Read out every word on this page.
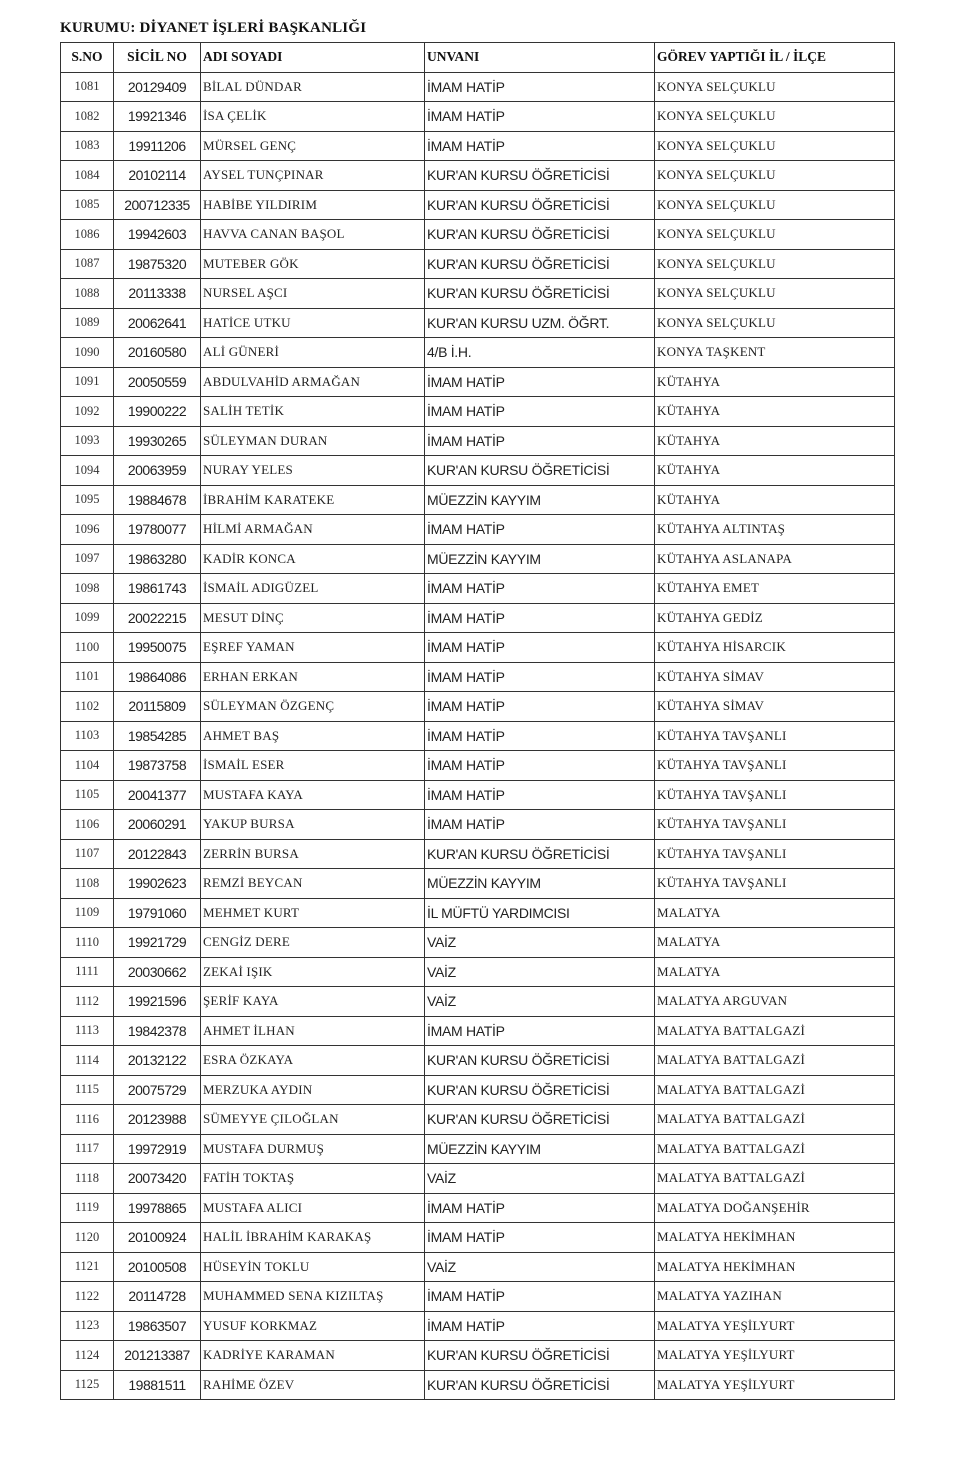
KURUMU: DİYANET İŞLERİ BAŞKANLIĞI
S.NO	SİCİL NO	ADI SOYADI	UNVANI	GÖREV YAPTIĞI İL / İLÇE
1081	20129409	BİLAL DÜNDAR	İMAM HATİP	KONYA SELÇUKLU
1082	19921346	İSA ÇELİK	İMAM HATİP	KONYA SELÇUKLU
1083	19911206	MÜRSEL GENÇ	İMAM HATİP	KONYA SELÇUKLU
1084	20102114	AYSEL TUNÇPINAR	KUR'AN KURSU ÖĞRETİCİSİ	KONYA SELÇUKLU
1085	200712335	HABİBE YILDIRIM	KUR'AN KURSU ÖĞRETİCİSİ	KONYA SELÇUKLU
1086	19942603	HAVVA CANAN BAŞOL	KUR'AN KURSU ÖĞRETİCİSİ	KONYA SELÇUKLU
1087	19875320	MUTEBER GÖK	KUR'AN KURSU ÖĞRETİCİSİ	KONYA SELÇUKLU
1088	20113338	NURSEL AŞCI	KUR'AN KURSU ÖĞRETİCİSİ	KONYA SELÇUKLU
1089	20062641	HATİCE UTKU	KUR'AN KURSU UZM. ÖĞRT.	KONYA SELÇUKLU
1090	20160580	ALİ GÜNERİ	4/B İ.H.	KONYA TAŞKENT
1091	20050559	ABDULVAHİD ARMAĞAN	İMAM HATİP	KÜTAHYA
1092	19900222	SALİH TETİK	İMAM HATİP	KÜTAHYA
1093	19930265	SÜLEYMAN DURAN	İMAM HATİP	KÜTAHYA
1094	20063959	NURAY YELES	KUR'AN KURSU ÖĞRETİCİSİ	KÜTAHYA
1095	19884678	İBRAHİM KARATEKE	MÜEZZİN KAYYIM	KÜTAHYA
1096	19780077	HİLMİ ARMAĞAN	İMAM HATİP	KÜTAHYA ALTINTAŞ
1097	19863280	KADİR KONCA	MÜEZZİN KAYYIM	KÜTAHYA ASLANAPA
1098	19861743	İSMAİL ADIGÜZEL	İMAM HATİP	KÜTAHYA EMET
1099	20022215	MESUT DİNÇ	İMAM HATİP	KÜTAHYA GEDİZ
1100	19950075	EŞREF YAMAN	İMAM HATİP	KÜTAHYA HİSARCIK
1101	19864086	ERHAN ERKAN	İMAM HATİP	KÜTAHYA SİMAV
1102	20115809	SÜLEYMAN ÖZGENÇ	İMAM HATİP	KÜTAHYA SİMAV
1103	19854285	AHMET BAŞ	İMAM HATİP	KÜTAHYA TAVŞANLI
1104	19873758	İSMAİL ESER	İMAM HATİP	KÜTAHYA TAVŞANLI
1105	20041377	MUSTAFA KAYA	İMAM HATİP	KÜTAHYA TAVŞANLI
1106	20060291	YAKUP BURSA	İMAM HATİP	KÜTAHYA TAVŞANLI
1107	20122843	ZERRİN BURSA	KUR'AN KURSU ÖĞRETİCİSİ	KÜTAHYA TAVŞANLI
1108	19902623	REMZİ BEYCAN	MÜEZZİN KAYYIM	KÜTAHYA TAVŞANLI
1109	19791060	MEHMET KURT	İL MÜFTÜ YARDIMCISI	MALATYA
1110	19921729	CENGİZ DERE	VAİZ	MALATYA
1111	20030662	ZEKAİ IŞIK	VAİZ	MALATYA
1112	19921596	ŞERİF KAYA	VAİZ	MALATYA ARGUVAN
1113	19842378	AHMET İLHAN	İMAM HATİP	MALATYA BATTALGAZİ
1114	20132122	ESRA ÖZKAYA	KUR'AN KURSU ÖĞRETİCİSİ	MALATYA BATTALGAZİ
1115	20075729	MERZUKA AYDIN	KUR'AN KURSU ÖĞRETİCİSİ	MALATYA BATTALGAZİ
1116	20123988	SÜMEYYE ÇILOĞLAN	KUR'AN KURSU ÖĞRETİCİSİ	MALATYA BATTALGAZİ
1117	19972919	MUSTAFA DURMUŞ	MÜEZZİN KAYYIM	MALATYA BATTALGAZİ
1118	20073420	FATİH TOKTAŞ	VAİZ	MALATYA BATTALGAZİ
1119	19978865	MUSTAFA ALICI	İMAM HATİP	MALATYA DOĞANŞEHİR
1120	20100924	HALİL İBRAHİM KARAKAŞ	İMAM HATİP	MALATYA HEKİMHAN
1121	20100508	HÜSEYİN TOKLU	VAİZ	MALATYA HEKİMHAN
1122	20114728	MUHAMMED SENA KIZILTAŞ	İMAM HATİP	MALATYA YAZIHAN
1123	19863507	YUSUF KORKMAZ	İMAM HATİP	MALATYA YEŞİLYURT
1124	201213387	KADRİYE KARAMAN	KUR'AN KURSU ÖĞRETİCİSİ	MALATYA YEŞİLYURT
1125	19881511	RAHİME ÖZEV	KUR'AN KURSU ÖĞRETİCİSİ	MALATYA YEŞİLYURT
